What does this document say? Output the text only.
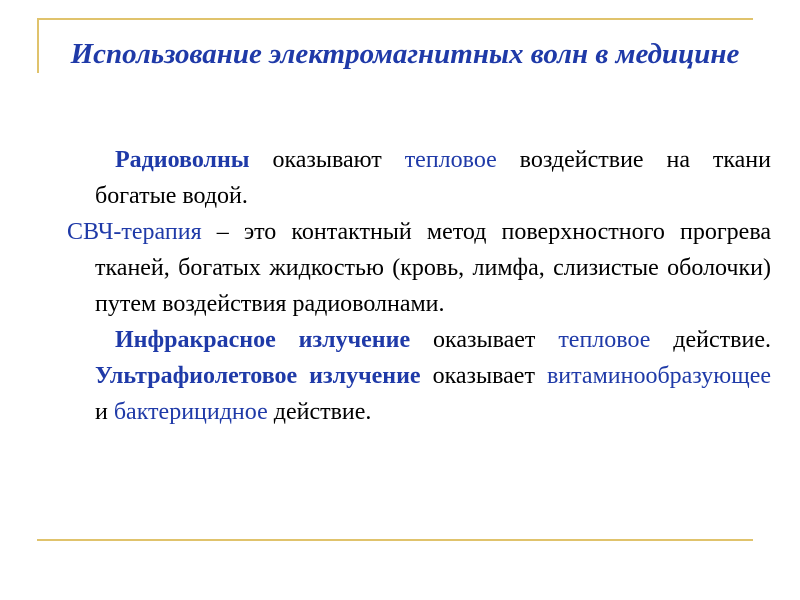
Использование электромагнитных волн в медицине

Радиоволны оказывают тепловое воздействие на ткани богатые водой.

СВЧ-терапия – это контактный метод поверхностного прогрева тканей, богатых жидкостью (кровь, лимфа, слизистые оболочки) путем воздействия радиоволнами.

Инфракрасное излучение оказывает тепловое действие. Ультрафиолетовое излучение оказывает витаминообразующее и бактерицидное действие.
